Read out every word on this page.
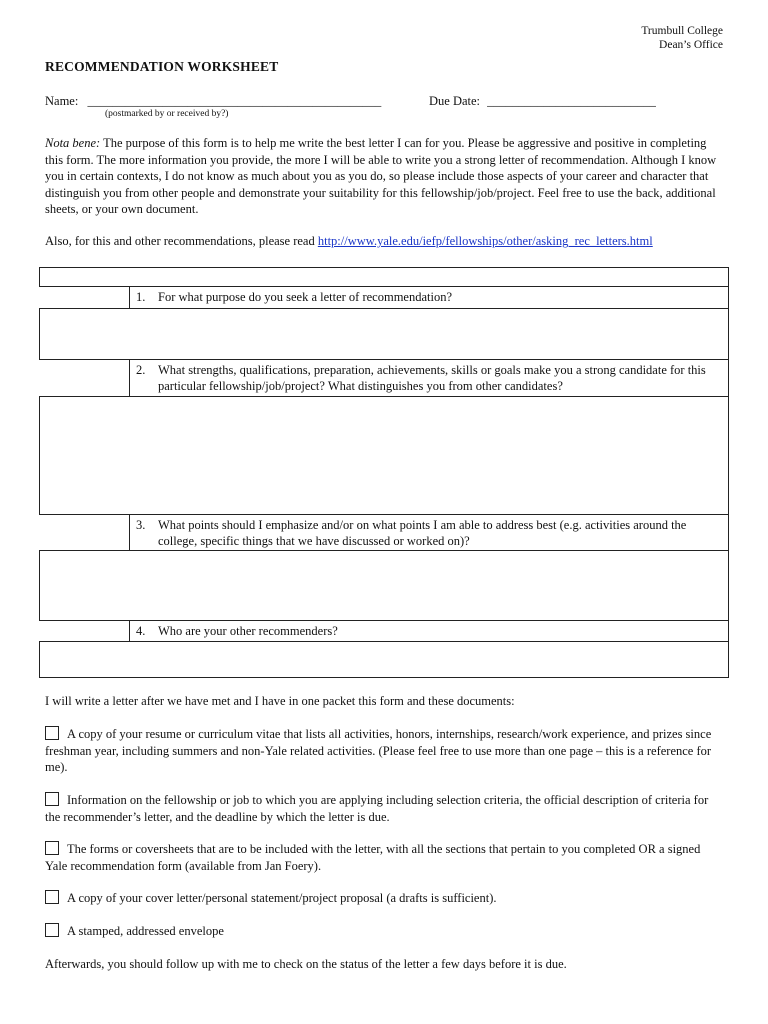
Trumbull College
Dean’s Office
RECOMMENDATION WORKSHEET
Name: _______________________________________________
(postmarked by or received by?)
Due Date: ___________________________
Nota bene: The purpose of this form is to help me write the best letter I can for you. Please be aggressive and positive in completing this form. The more information you provide, the more I will be able to write you a strong letter of recommendation. Although I know you in certain contexts, I do not know as much about you as you do, so please include those aspects of your career and character that distinguish you from other people and demonstrate your suitability for this fellowship/job/project. Feel free to use the back, additional sheets, or your own document.
Also, for this and other recommendations, please read http://www.yale.edu/iefp/fellowships/other/asking_rec_letters.html
1.	For what purpose do you seek a letter of recommendation?
2.	What strengths, qualifications, preparation, achievements, skills or goals make you a strong candidate for this particular fellowship/job/project? What distinguishes you from other candidates?
3.	What points should I emphasize and/or on what points I am able to address best (e.g. activities around the college, specific things that we have discussed or worked on)?
4.	Who are your other recommenders?
I will write a letter after we have met and I have in one packet this form and these documents:
A copy of your resume or curriculum vitae that lists all activities, honors, internships, research/work experience, and prizes since freshman year, including summers and non-Yale related activities. (Please feel free to use more than one page – this is a reference for me).
Information on the fellowship or job to which you are applying including selection criteria, the official description of criteria for the recommender’s letter, and the deadline by which the letter is due.
The forms or coversheets that are to be included with the letter, with all the sections that pertain to you completed OR a signed Yale recommendation form (available from Jan Foery).
A copy of your cover letter/personal statement/project proposal (a drafts is sufficient).
A stamped, addressed envelope
Afterwards, you should follow up with me to check on the status of the letter a few days before it is due.
